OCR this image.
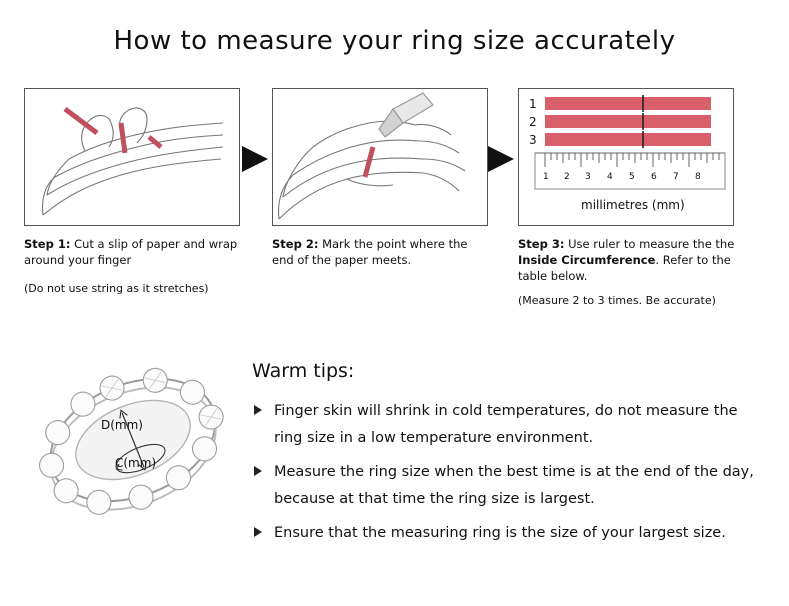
How to measure your ring size accurately
Step 1: Cut a slip of paper and wrap around your finger
(Do not use string as it stretches)
Step 2: Mark the point where the end of the paper meets.
1
2
3
1 2 3 4 5 6 7 8
millimetres (mm)
Step 3: Use ruler to measure the the Inside Circumference. Refer to the table below.
(Measure 2 to 3 times. Be accurate)
D(mm)
C(mm)
Warm tips:
Finger skin will shrink in cold temperatures, do not measure the ring size in a low temperature environment.
Measure the ring size when the best time is at the end of the day, because at that time the ring size is largest.
Ensure that the measuring ring is the size of your largest size.
